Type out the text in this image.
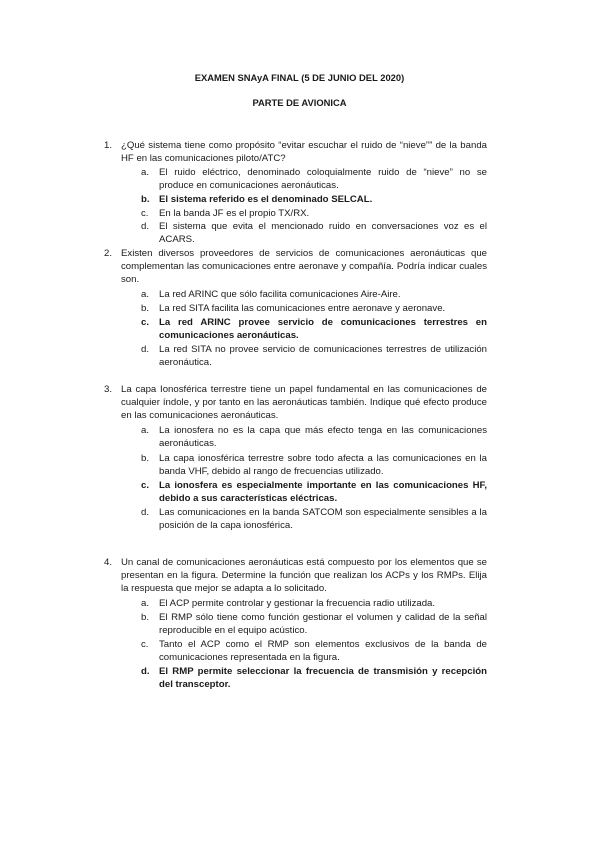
EXAMEN SNAyA FINAL (5 DE JUNIO DEL 2020)
PARTE DE AVIONICA
1. ¿Qué sistema tiene como propósito “evitar escuchar el ruido de “nieve”” de la banda HF en las comunicaciones piloto/ATC?
a. El ruido eléctrico, denominado coloquialmente ruido de “nieve” no se produce en comunicaciones aeronáuticas.
b. El sistema referido es el denominado SELCAL.
c. En la banda JF es el propio TX/RX.
d. El sistema que evita el mencionado ruido en conversaciones voz es el ACARS.
2. Existen diversos proveedores de servicios de comunicaciones aeronáuticas que complementan las comunicaciones entre aeronave y compañía. Podría indicar cuales son.
a. La red ARINC que sólo facilita comunicaciones Aire-Aire.
b. La red SITA facilita las comunicaciones entre aeronave y aeronave.
c. La red ARINC provee servicio de comunicaciones terrestres en comunicaciones aeronáuticas.
d. La red SITA no provee servicio de comunicaciones terrestres de utilización aeronáutica.
3. La capa Ionosférica terrestre tiene un papel fundamental en las comunicaciones de cualquier índole, y por tanto en las aeronáuticas también. Indique qué efecto produce en las comunicaciones aeronáuticas.
a. La ionosfera no es la capa que más efecto tenga en las comunicaciones aeronáuticas.
b. La capa ionosférica terrestre sobre todo afecta a las comunicaciones en la banda VHF, debido al rango de frecuencias utilizado.
c. La ionosfera es especialmente importante en las comunicaciones HF, debido a sus características eléctricas.
d. Las comunicaciones en la banda SATCOM son especialmente sensibles a la posición de la capa ionosférica.
4. Un canal de comunicaciones aeronáuticas está compuesto por los elementos que se presentan en la figura. Determine la función que realizan los ACPs y los RMPs. Elija la respuesta que mejor se adapta a lo solicitado.
a. El ACP permite controlar y gestionar la frecuencia radio utilizada.
b. El RMP sólo tiene como función gestionar el volumen y calidad de la señal reproducible en el equipo acústico.
c. Tanto el ACP como el RMP son elementos exclusivos de la banda de comunicaciones representada en la figura.
d. El RMP permite seleccionar la frecuencia de transmisión y recepción del transceptor.
